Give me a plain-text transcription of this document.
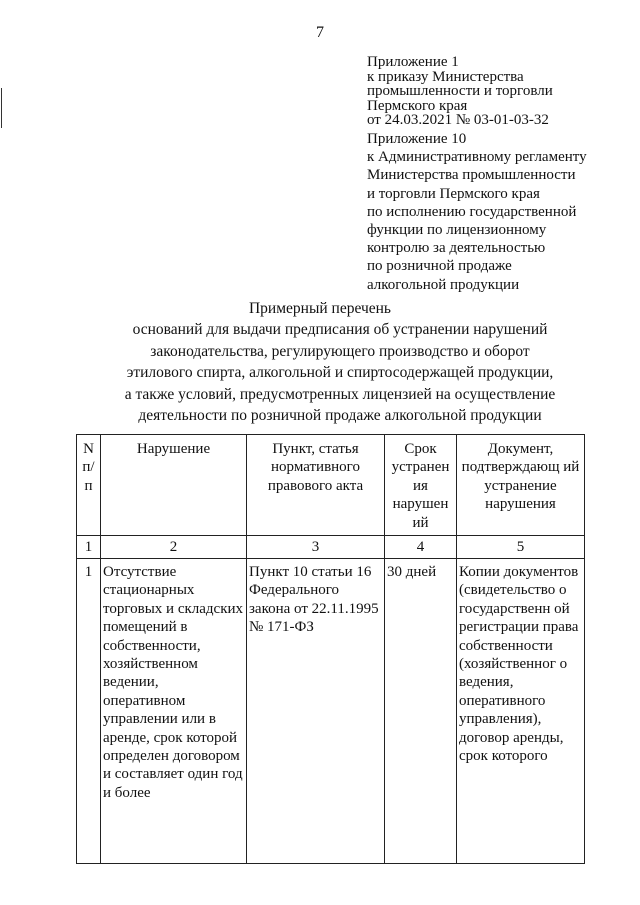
7
Приложение 1
к приказу Министерства
промышленности и торговли
Пермского края
от 24.03.2021 № 03-01-03-32
Приложение 10
к Административному регламенту
Министерства промышленности
и торговли Пермского края
по исполнению государственной
функции по лицензионному
контролю за деятельностью
по розничной продаже
алкогольной продукции
Примерный перечень
оснований для выдачи предписания об устранении нарушений
законодательства, регулирующего производство и оборот
этилового спирта, алкогольной и спиртосодержащей продукции,
а также условий, предусмотренных лицензией на осуществление
деятельности по розничной продаже алкогольной продукции
N п/ п	Нарушение	Пункт, статья нормативного правового акта	Срок устранен ия нарушен ий	Документ, подтверждающ ий устранение нарушения
1	2	3	4	5
1	Отсутствие стационарных торговых и складских помещений в собственности, хозяйственном ведении, оперативном управлении или в аренде, срок которой определен договором и составляет один год и более	Пункт 10 статьи 16 Федерального закона от 22.11.1995 № 171-ФЗ	30 дней	Копии документов (свидетельство о государственн ой регистрации права собственности (хозяйственног о ведения, оперативного управления), договор аренды, срок которого
